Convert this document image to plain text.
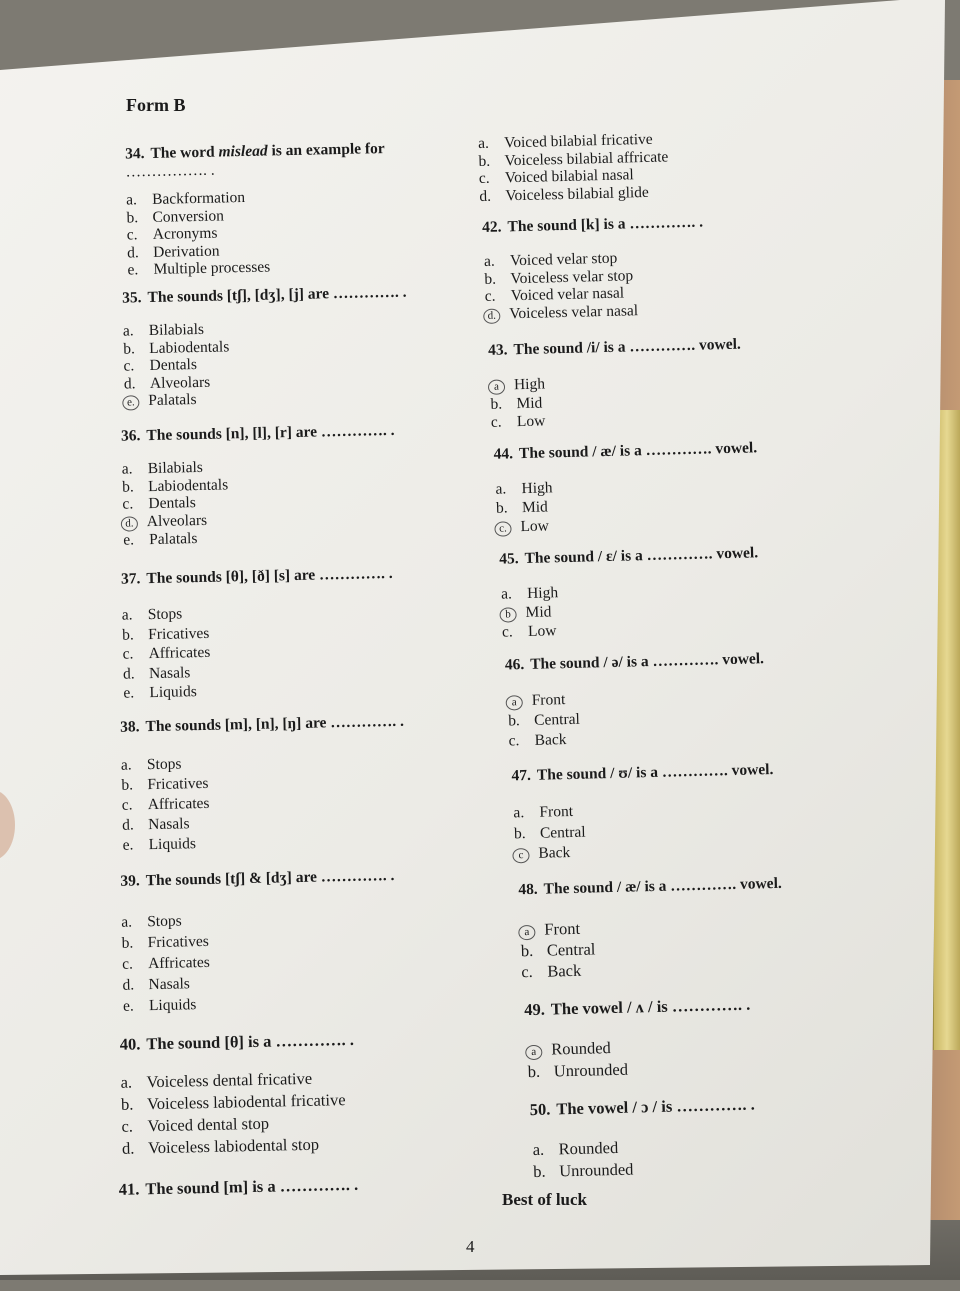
Form B
34. The word mislead is an example for
……………. .
a. Backformation
b. Conversion
c. Acronyms
d. Derivation
e. Multiple processes
35. The sounds [tʃ], [dʒ], [j] are …………. .
a. Bilabials
b. Labiodentals
c. Dentals
d. Alveolars
e. Palatals
36. The sounds [n], [l], [r] are …………. .
a. Bilabials
b. Labiodentals
c. Dentals
d. Alveolars
e. Palatals
37. The sounds [θ], [ð] [s] are …………. .
a. Stops
b. Fricatives
c. Affricates
d. Nasals
e. Liquids
38. The sounds [m], [n], [ŋ] are …………. .
a. Stops
b. Fricatives
c. Affricates
d. Nasals
e. Liquids
39. The sounds [tʃ] & [dʒ] are …………. .
a. Stops
b. Fricatives
c. Affricates
d. Nasals
e. Liquids
40. The sound [θ] is a …………. .
a. Voiceless dental fricative
b. Voiceless labiodental fricative
c. Voiced dental stop
d. Voiceless labiodental stop
41. The sound [m] is a …………. .
a. Voiced bilabial fricative
b. Voiceless bilabial affricate
c. Voiced bilabial nasal
d. Voiceless bilabial glide
42. The sound [k] is a …………. .
a. Voiced velar stop
b. Voiceless velar stop
c. Voiced velar nasal
d. Voiceless velar nasal
43. The sound /i/ is a …………. vowel.
a High
b. Mid
c. Low
44. The sound / æ/ is a …………. vowel.
a. High
b. Mid
c. Low
45. The sound / ɛ/ is a …………. vowel.
a. High
b Mid
c. Low
46. The sound / ə/ is a …………. vowel.
a Front
b. Central
c. Back
47. The sound / ʊ/ is a …………. vowel.
a. Front
b. Central
c Back
48. The sound / æ/ is a …………. vowel.
a Front
b. Central
c. Back
49. The vowel / ʌ / is …………. .
a Rounded
b. Unrounded
50. The vowel / ɔ / is …………. .
a. Rounded
b. Unrounded
Best of luck
4
